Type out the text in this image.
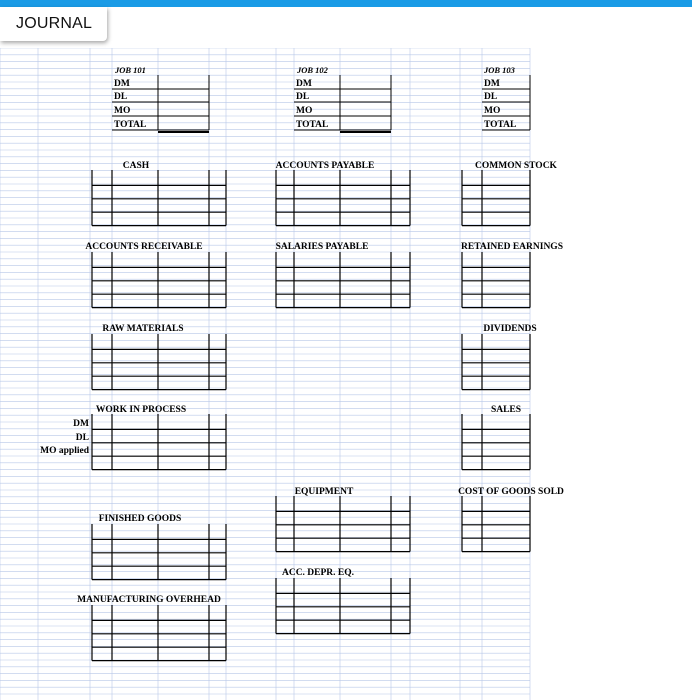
JOURNAL
JOB 101
DM
DL
MO
TOTAL
JOB 102
DM
DL
MO
TOTAL
JOB 103
DM
DL
MO
TOTAL
CASH	ACCOUNTS PAYABLE	COMMON STOCK
ACCOUNTS RECEIVABLE	SALARIES PAYABLE	RETAINED EARNINGS
RAW MATERIALS	DIVIDENDS
WORK IN PROCESS	SALES
DM
DL
MO applied
EQUIPMENT	COST OF GOODS SOLD
FINISHED GOODS
ACC. DEPR. EQ.
MANUFACTURING OVERHEAD
